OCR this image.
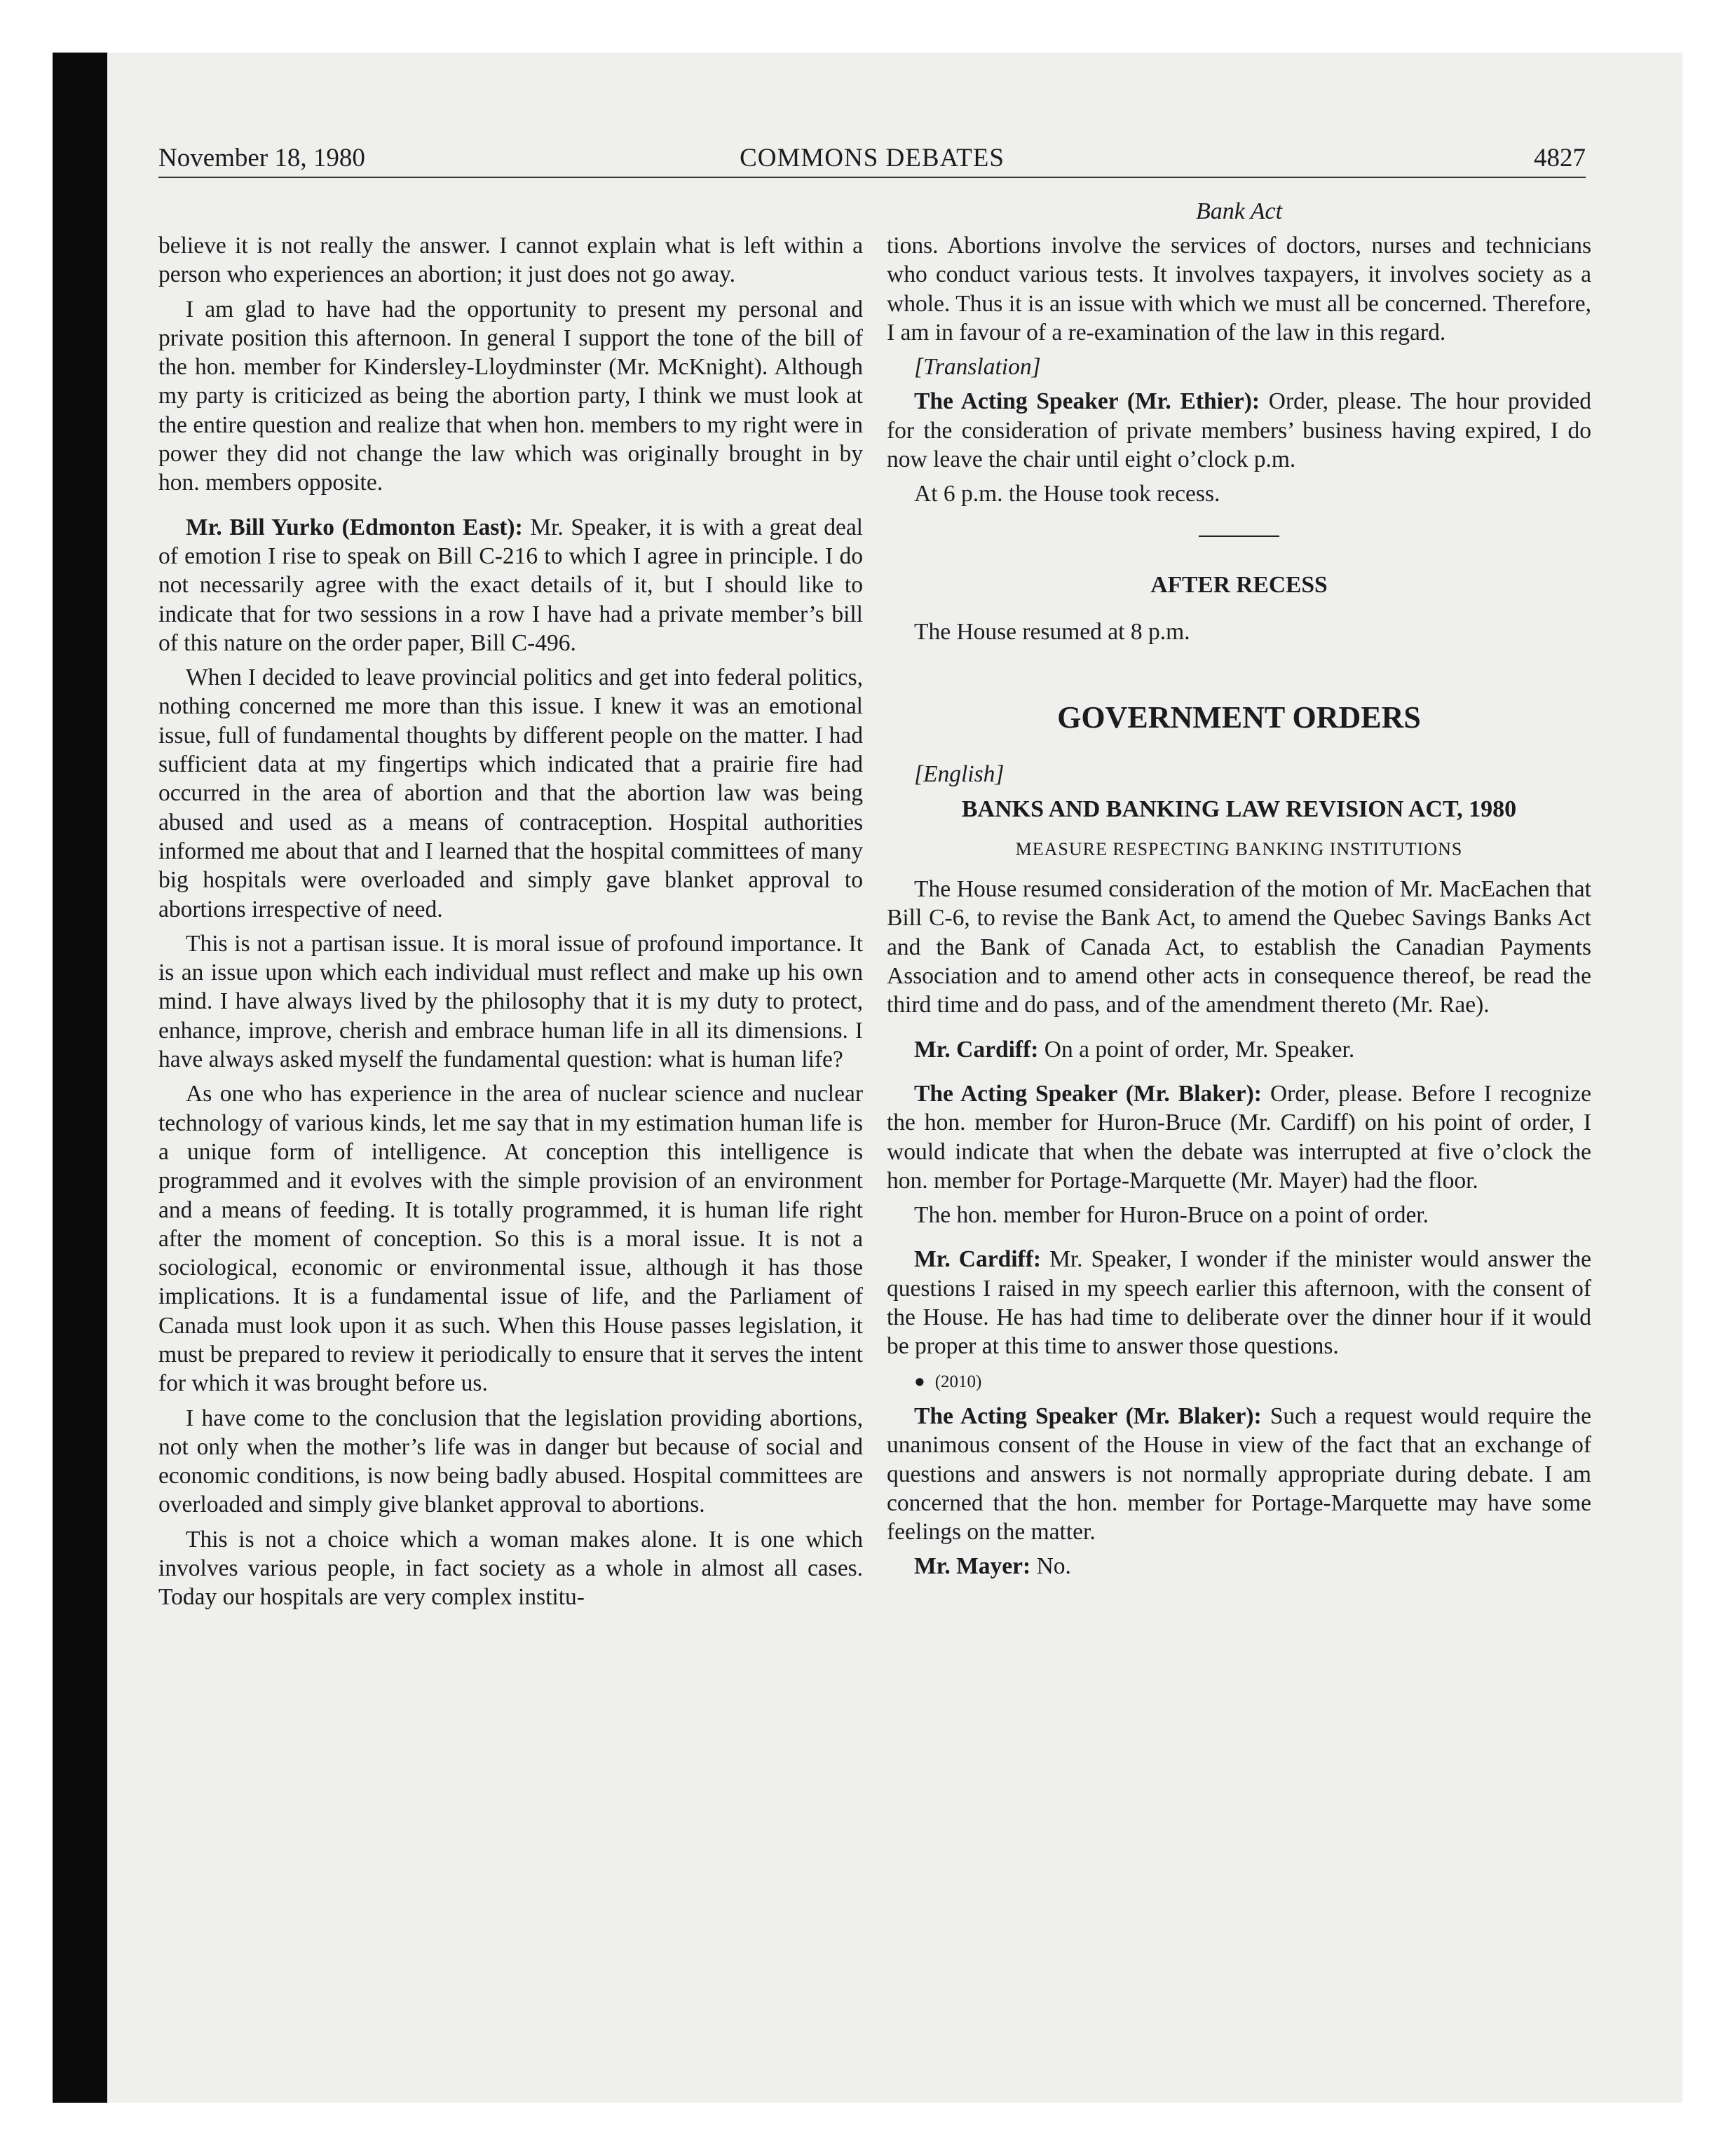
November 18, 1980	COMMONS DEBATES	4827
Bank Act

believe it is not really the answer. I cannot explain what is left within a person who experiences an abortion; it just does not go away.

I am glad to have had the opportunity to present my personal and private position this afternoon. In general I support the tone of the bill of the hon. member for Kindersley-Lloydminster (Mr. McKnight). Although my party is criticized as being the abortion party, I think we must look at the entire question and realize that when hon. members to my right were in power they did not change the law which was originally brought in by hon. members opposite.

Mr. Bill Yurko (Edmonton East): Mr. Speaker, it is with a great deal of emotion I rise to speak on Bill C-216 to which I agree in principle. I do not necessarily agree with the exact details of it, but I should like to indicate that for two sessions in a row I have had a private member’s bill of this nature on the order paper, Bill C-496.

When I decided to leave provincial politics and get into federal politics, nothing concerned me more than this issue. I knew it was an emotional issue, full of fundamental thoughts by different people on the matter. I had sufficient data at my fingertips which indicated that a prairie fire had occurred in the area of abortion and that the abortion law was being abused and used as a means of contraception. Hospital authorities informed me about that and I learned that the hospital committees of many big hospitals were overloaded and simply gave blanket approval to abortions irrespective of need.

This is not a partisan issue. It is moral issue of profound importance. It is an issue upon which each individual must reflect and make up his own mind. I have always lived by the philosophy that it is my duty to protect, enhance, improve, cherish and embrace human life in all its dimensions. I have always asked myself the fundamental question: what is human life?

As one who has experience in the area of nuclear science and nuclear technology of various kinds, let me say that in my estimation human life is a unique form of intelligence. At conception this intelligence is programmed and it evolves with the simple provision of an environment and a means of feeding. It is totally programmed, it is human life right after the moment of conception. So this is a moral issue. It is not a sociological, economic or environmental issue, although it has those implications. It is a fundamental issue of life, and the Parliament of Canada must look upon it as such. When this House passes legislation, it must be prepared to review it periodically to ensure that it serves the intent for which it was brought before us.

I have come to the conclusion that the legislation providing abortions, not only when the mother’s life was in danger but because of social and economic conditions, is now being badly abused. Hospital committees are overloaded and simply give blanket approval to abortions.

This is not a choice which a woman makes alone. It is one which involves various people, in fact society as a whole in almost all cases. Today our hospitals are very complex institu-

tions. Abortions involve the services of doctors, nurses and technicians who conduct various tests. It involves taxpayers, it involves society as a whole. Thus it is an issue with which we must all be concerned. Therefore, I am in favour of a re-examination of the law in this regard.

[Translation]

The Acting Speaker (Mr. Ethier): Order, please. The hour provided for the consideration of private members’ business having expired, I do now leave the chair until eight o’clock p.m.

At 6 p.m. the House took recess.

AFTER RECESS

The House resumed at 8 p.m.

GOVERNMENT ORDERS

[English]

BANKS AND BANKING LAW REVISION ACT, 1980
MEASURE RESPECTING BANKING INSTITUTIONS

The House resumed consideration of the motion of Mr. MacEachen that Bill C-6, to revise the Bank Act, to amend the Quebec Savings Banks Act and the Bank of Canada Act, to establish the Canadian Payments Association and to amend other acts in consequence thereof, be read the third time and do pass, and of the amendment thereto (Mr. Rae).

Mr. Cardiff: On a point of order, Mr. Speaker.

The Acting Speaker (Mr. Blaker): Order, please. Before I recognize the hon. member for Huron-Bruce (Mr. Cardiff) on his point of order, I would indicate that when the debate was interrupted at five o’clock the hon. member for Portage-Marquette (Mr. Mayer) had the floor.

The hon. member for Huron-Bruce on a point of order.

Mr. Cardiff: Mr. Speaker, I wonder if the minister would answer the questions I raised in my speech earlier this afternoon, with the consent of the House. He has had time to deliberate over the dinner hour if it would be proper at this time to answer those questions.

● (2010)

The Acting Speaker (Mr. Blaker): Such a request would require the unanimous consent of the House in view of the fact that an exchange of questions and answers is not normally appropriate during debate. I am concerned that the hon. member for Portage-Marquette may have some feelings on the matter.

Mr. Mayer: No.
